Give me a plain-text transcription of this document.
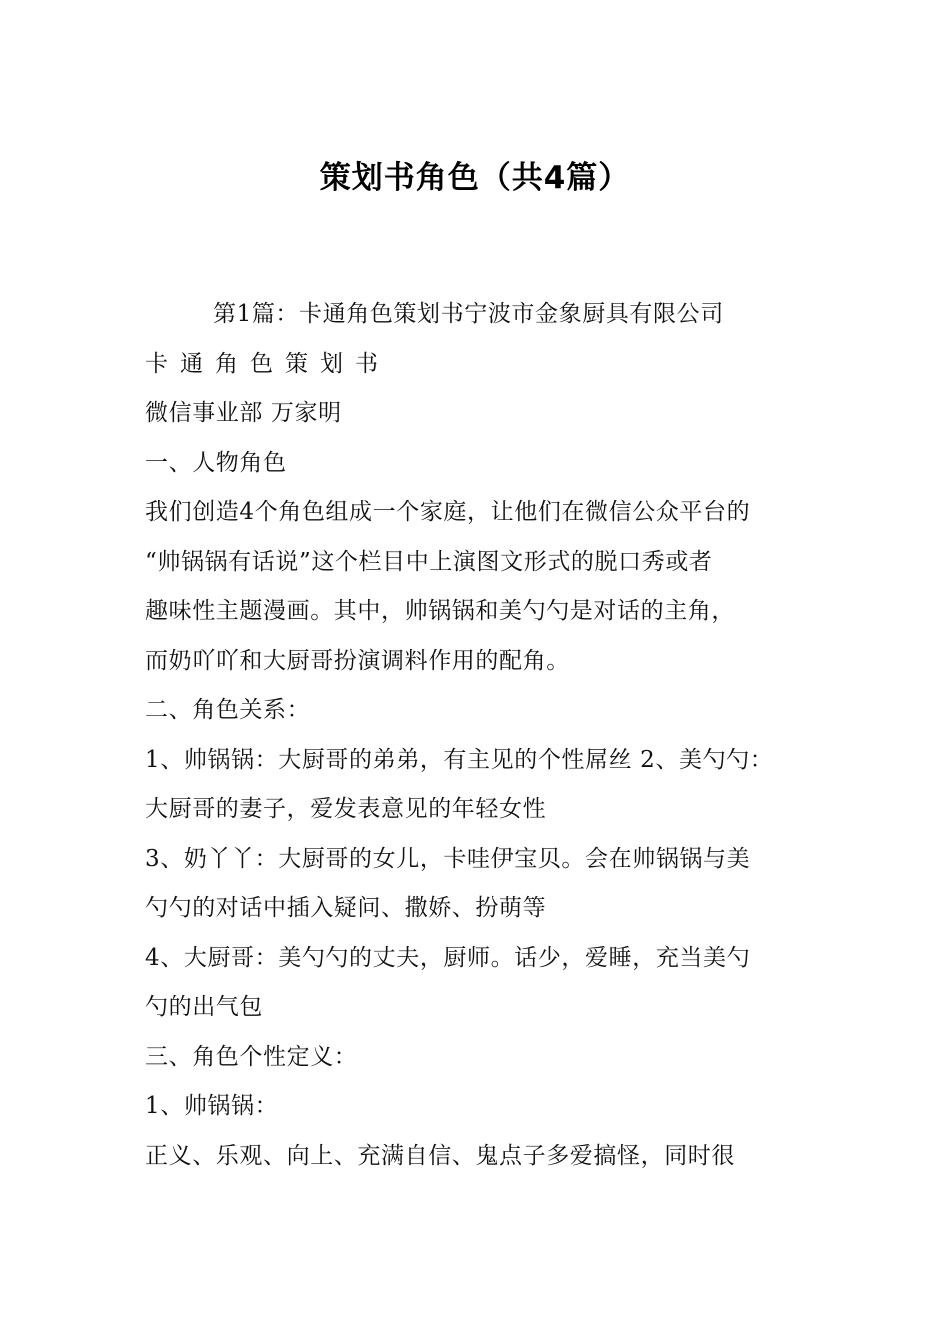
策划书角色（共4篇）
第1篇：卡通角色策划书宁波市金象厨具有限公司
卡通角色策划书
微信事业部 万家明
一、人物角色
我们创造4个角色组成一个家庭，让他们在微信公众平台的
“帅锅锅有话说”这个栏目中上演图文形式的脱口秀或者
趣味性主题漫画。其中，帅锅锅和美勺勺是对话的主角，
而奶吖吖和大厨哥扮演调料作用的配角。
二、角色关系：
1、帅锅锅：大厨哥的弟弟，有主见的个性屌丝 2、美勺勺：
大厨哥的妻子，爱发表意见的年轻女性
3、奶丫丫：大厨哥的女儿，卡哇伊宝贝。会在帅锅锅与美
勺勺的对话中插入疑问、撒娇、扮萌等
4、大厨哥：美勺勺的丈夫，厨师。话少，爱睡，充当美勺
勺的出气包
三、角色个性定义：
1、帅锅锅：
正义、乐观、向上、充满自信、鬼点子多爱搞怪，同时很
